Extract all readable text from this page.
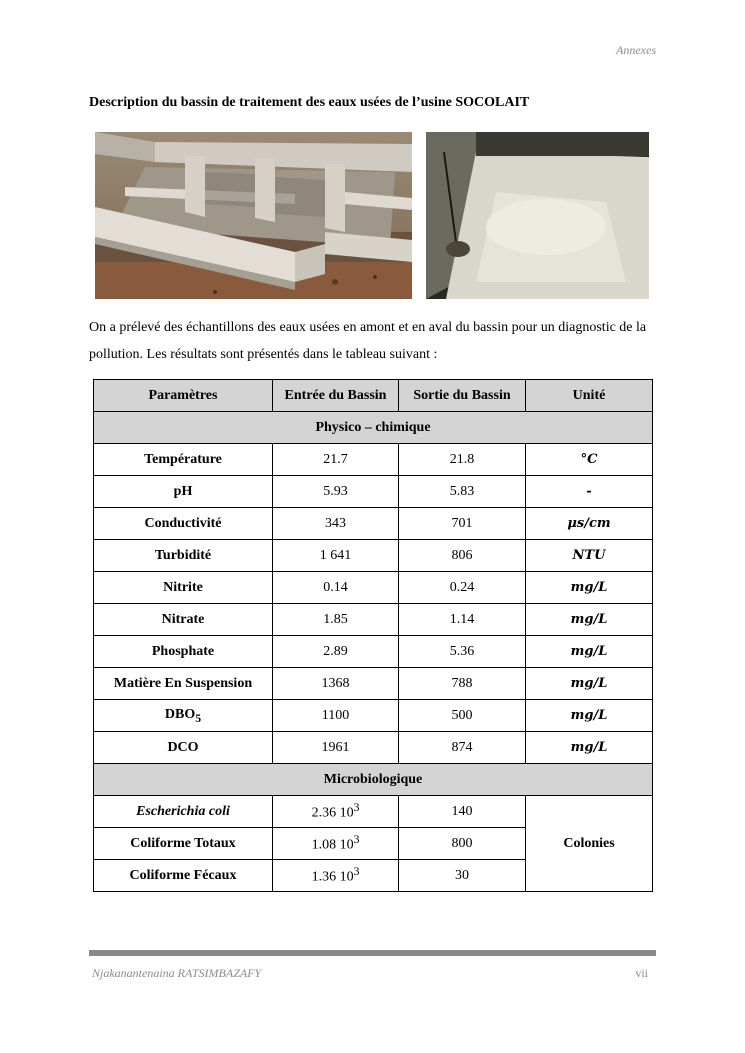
Annexes
Description du bassin de traitement des eaux usées de l’usine SOCOLAIT
On a prélevé des échantillons des eaux usées en amont et en aval du bassin pour un diagnostic de la pollution. Les résultats sont présentés dans le tableau suivant :
Paramètres	Entrée du Bassin	Sortie du Bassin	Unité
Physico – chimique			
Température	21.7	21.8	°C
pH	5.93	5.83	-
Conductivité	343	701	μs/cm
Turbidité	1 641	806	NTU
Nitrite	0.14	0.24	mg/L
Nitrate	1.85	1.14	mg/L
Phosphate	2.89	5.36	mg/L
Matière En Suspension	1368	788	mg/L
$DBO_5$	1100	500	mg/L
DCO	1961	874	mg/L
Microbiologique			
Escherichia coli	2.36 $10^3$	140	Colonies
Coliforme Totaux	1.08 $10^3$	800	
Coliforme Fécaux	1.36 $10^3$	30	
Njakanantenaina RATSIMBAZAFY	vii
